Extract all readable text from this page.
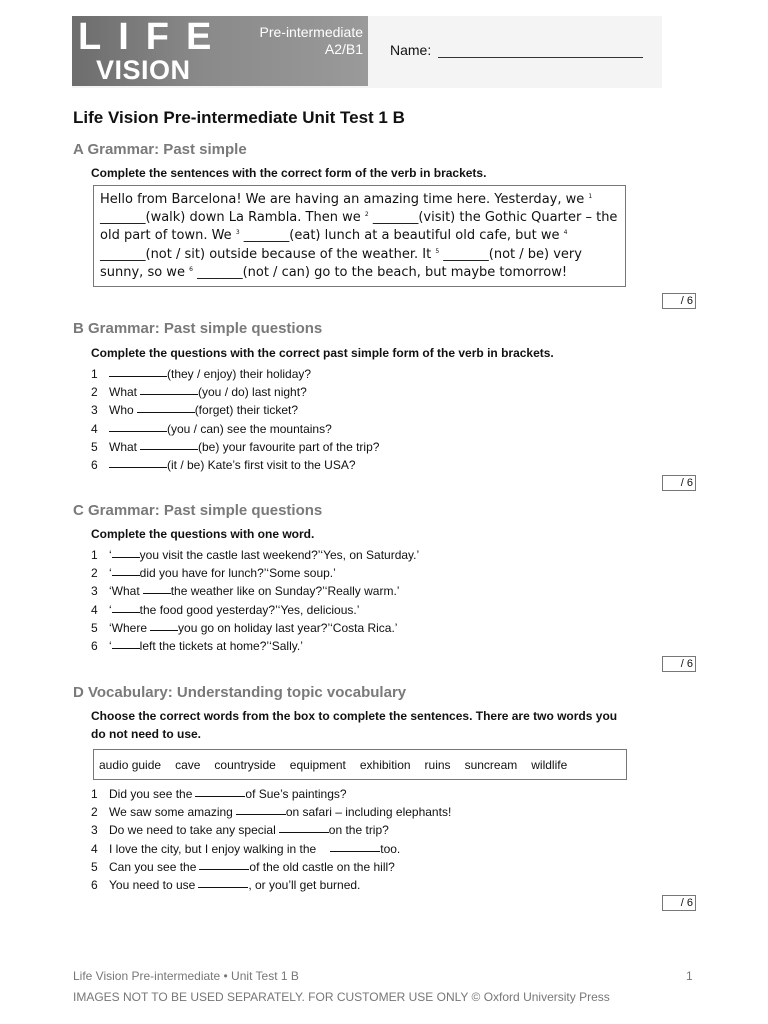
LIFE
VISION
Pre-intermediate
A2/B1 Name:
Life Vision Pre-intermediate Unit Test 1 B
A Grammar: Past simple
Complete the sentences with the correct form of the verb in brackets.
Hello from Barcelona! We are having an amazing time here. Yesterday, we $^1$ _______(walk) down La Rambla. Then we $^2$ _______(visit) the Gothic Quarter – the old part of town. We $^3$ _______(eat) lunch at a beautiful old cafe, but we $^4$ _______(not / sit) outside because of the weather. It $^5$ _______(not / be) very sunny, so we $^6$ _______(not / can) go to the beach, but maybe tomorrow!
/ 6
B Grammar: Past simple questions
Complete the questions with the correct past simple form of the verb in brackets.
1	(they / enjoy) their holiday?
2 What	(you / do) last night?
3 Who	(forget) their ticket?
4	(you / can) see the mountains?
5 What	(be) your favourite part of the trip?
6	(it / be) Kate’s first visit to the USA?
/ 6
C Grammar: Past simple questions
Complete the questions with one word.
1 ‘ you visit the castle last weekend?’‘Yes, on Saturday.’
2 ‘ did you have for lunch?’‘Some soup.’
3 ‘What	the weather like on Sunday?’‘Really warm.’
4 ‘ the food good yesterday?’‘Yes, delicious.’
5 ‘Where	you go on holiday last year?’‘Costa Rica.’
6 ‘ left the tickets at home?’‘Sally.’
/ 6
D Vocabulary: Understanding topic vocabulary
Choose the correct words from the box to complete the sentences. There are two words you
do not need to use.
audio guide cave countryside equipment exhibition ruins suncream wildlife
1 Did you see the	of Sue’s paintings?
2 We saw some amazing	on safari – including elephants!
3 Do we need to take any special	on the trip?
4 I love the city, but I enjoy walking in the	too.
5 Can you see the	of the old castle on the hill?
6 You need to use	, or you’ll get burned.
/ 6
Life Vision Pre-intermediate • Unit Test 1 B	1
IMAGES NOT TO BE USED SEPARATELY. FOR CUSTOMER USE ONLY © Oxford University Press
